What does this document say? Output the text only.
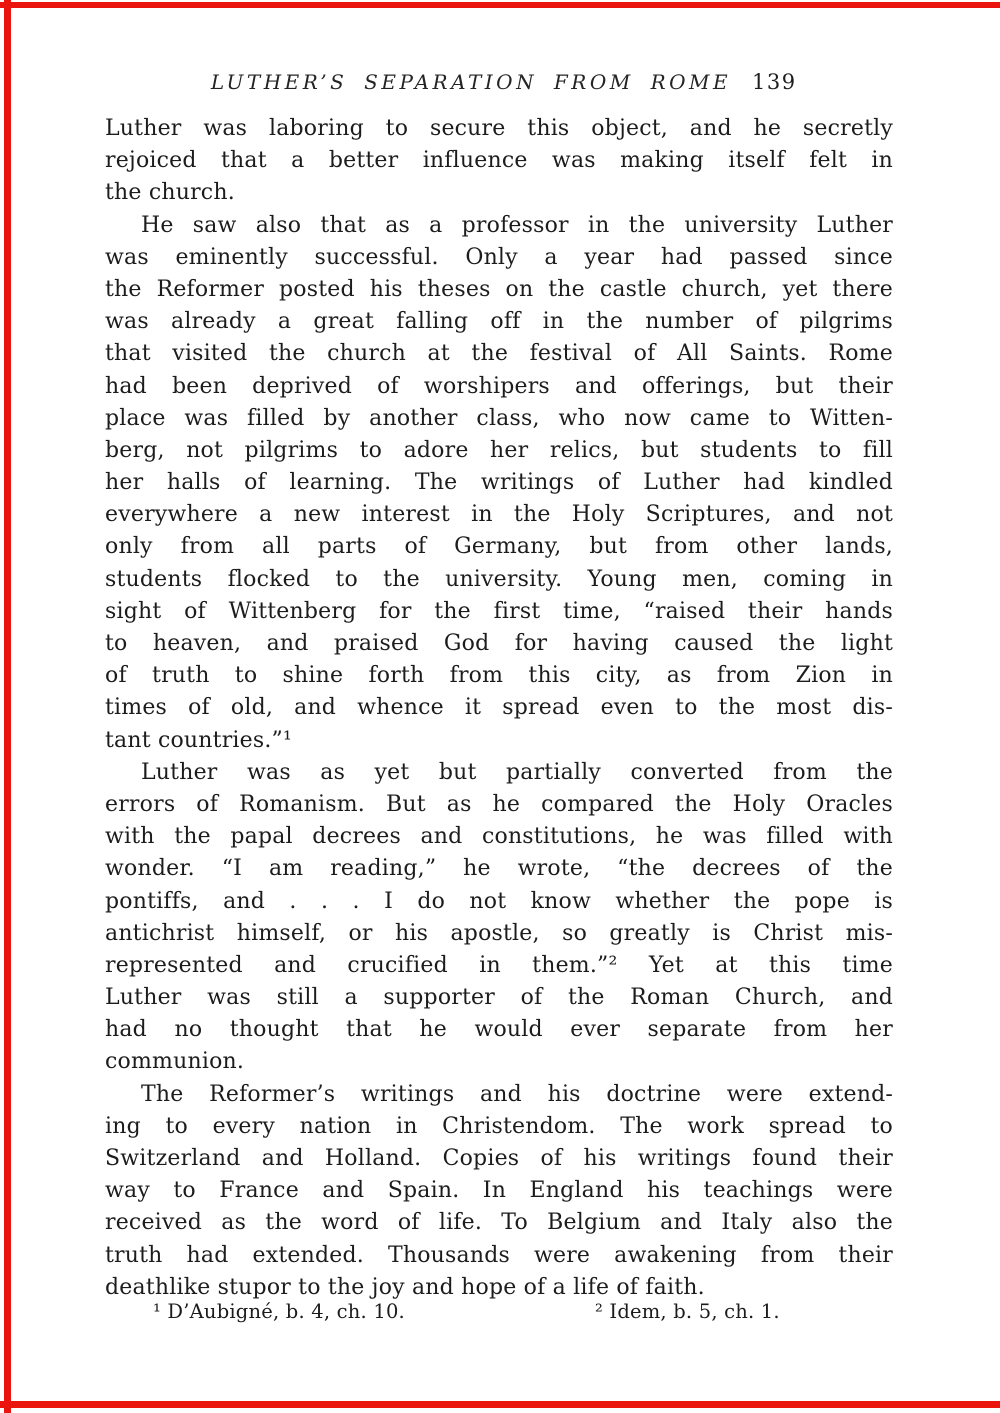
LUTHER’S SEPARATION FROM ROME 139
Luther was laboring to secure this object, and he secretly
rejoiced that a better influence was making itself felt in
the church.
He saw also that as a professor in the university Luther
was eminently successful. Only a year had passed since
the Reformer posted his theses on the castle church, yet there
was already a great falling off in the number of pilgrims
that visited the church at the festival of All Saints. Rome
had been deprived of worshipers and offerings, but their
place was filled by another class, who now came to Witten-
berg, not pilgrims to adore her relics, but students to fill
her halls of learning. The writings of Luther had kindled
everywhere a new interest in the Holy Scriptures, and not
only from all parts of Germany, but from other lands,
students flocked to the university. Young men, coming in
sight of Wittenberg for the first time, “raised their hands
to heaven, and praised God for having caused the light
of truth to shine forth from this city, as from Zion in
times of old, and whence it spread even to the most dis-
tant countries.”¹
Luther was as yet but partially converted from the
errors of Romanism. But as he compared the Holy Oracles
with the papal decrees and constitutions, he was filled with
wonder. “I am reading,” he wrote, “the decrees of the
pontiffs, and . . . I do not know whether the pope is
antichrist himself, or his apostle, so greatly is Christ mis-
represented and crucified in them.”² Yet at this time
Luther was still a supporter of the Roman Church, and
had no thought that he would ever separate from her
communion.
The Reformer’s writings and his doctrine were extend-
ing to every nation in Christendom. The work spread to
Switzerland and Holland. Copies of his writings found their
way to France and Spain. In England his teachings were
received as the word of life. To Belgium and Italy also the
truth had extended. Thousands were awakening from their
deathlike stupor to the joy and hope of a life of faith.
¹ D’Aubigné, b. 4, ch. 10.	² Idem, b. 5, ch. 1.
